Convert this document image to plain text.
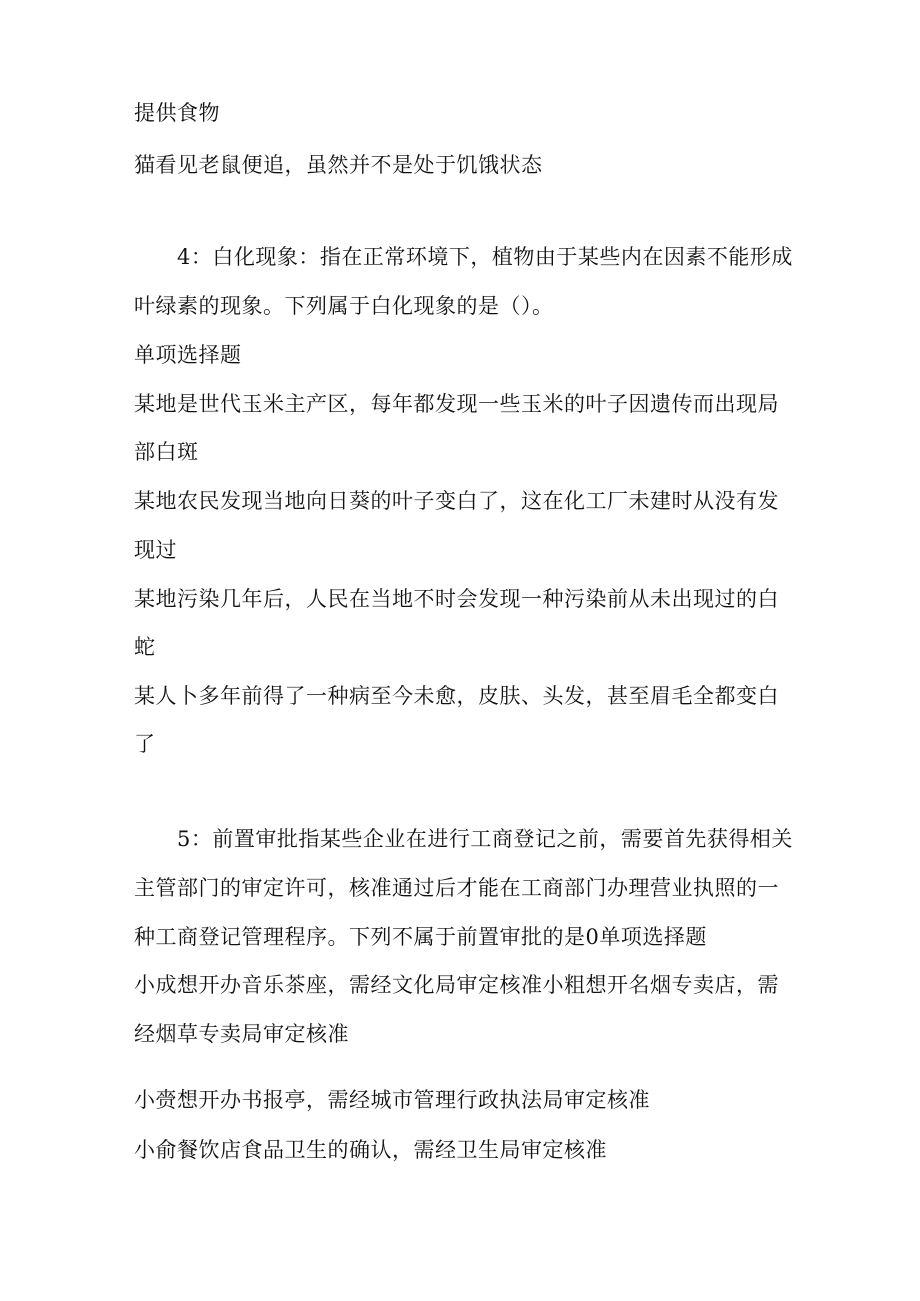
提供食物
猫看见老鼠便追，虽然并不是处于饥饿状态
4：白化现象：指在正常环境下，植物由于某些内在因素不能形成
叶绿素的现象。下列属于白化现象的是（）。
单项选择题
某地是世代玉米主产区，每年都发现一些玉米的叶子因遗传而出现局
部白斑
某地农民发现当地向日葵的叶子变白了，这在化工厂未建时从没有发
现过
某地污染几年后，人民在当地不时会发现一种污染前从未出现过的白
蛇
某人卜多年前得了一种病至今未愈，皮肤、头发，甚至眉毛全都变白
了
5：前置审批指某些企业在进行工商登记之前，需要首先获得相关
主管部门的审定许可，核准通过后才能在工商部门办理营业执照的一
种工商登记管理程序。下列不属于前置审批的是0单项选择题
小成想开办音乐茶座，需经文化局审定核准小粗想开名烟专卖店，需
经烟草专卖局审定核准
小赍想开办书报亭，需经城市管理行政执法局审定核准
小俞餐饮店食品卫生的确认，需经卫生局审定核准
